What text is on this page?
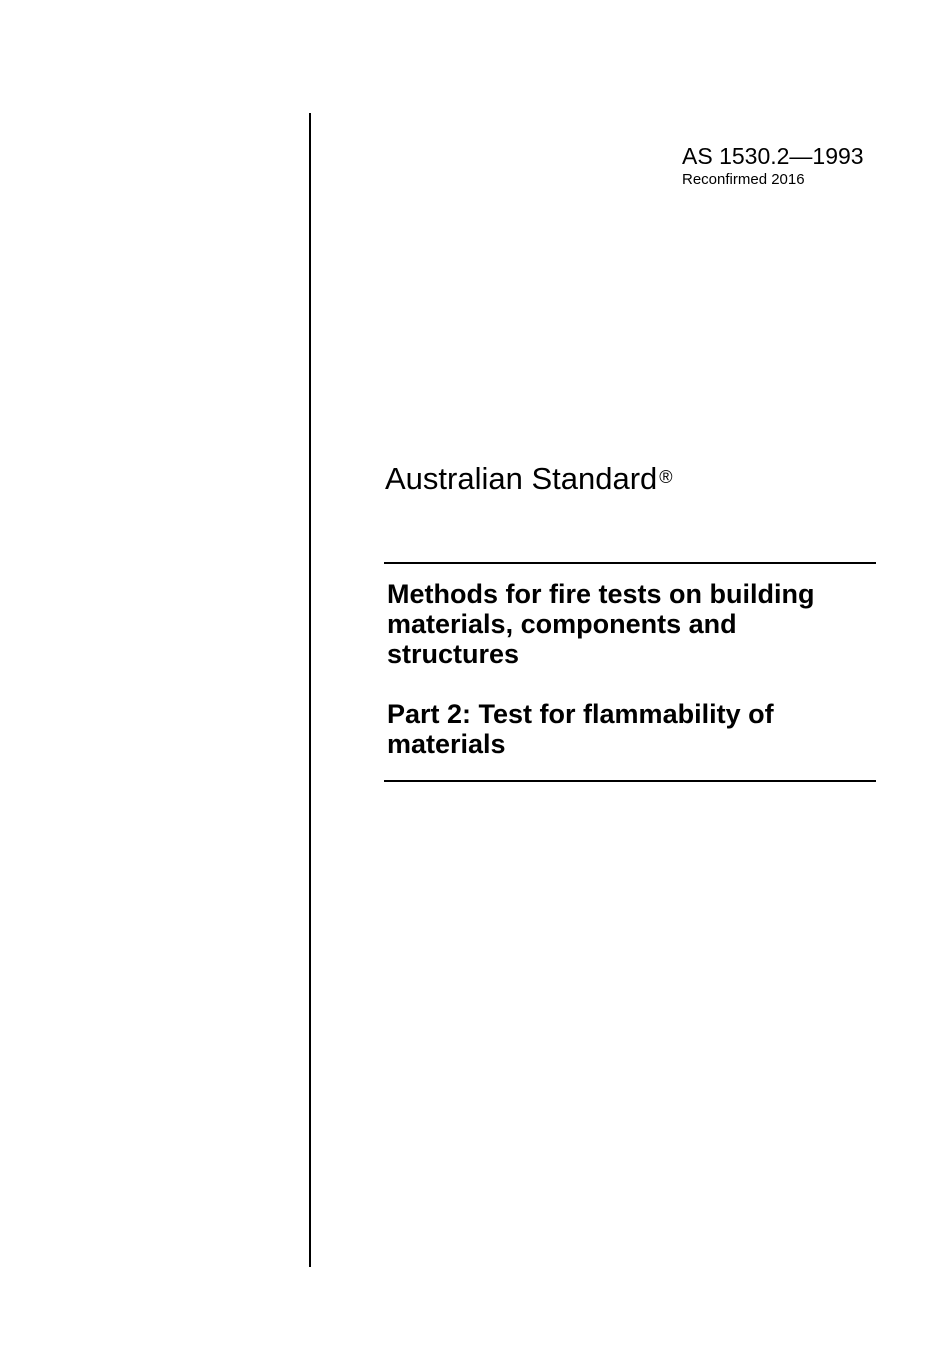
AS 1530.2—1993
Reconfirmed 2016
Australian Standard ®

Methods for fire tests on building materials, components and structures

Part 2: Test for flammability of materials
